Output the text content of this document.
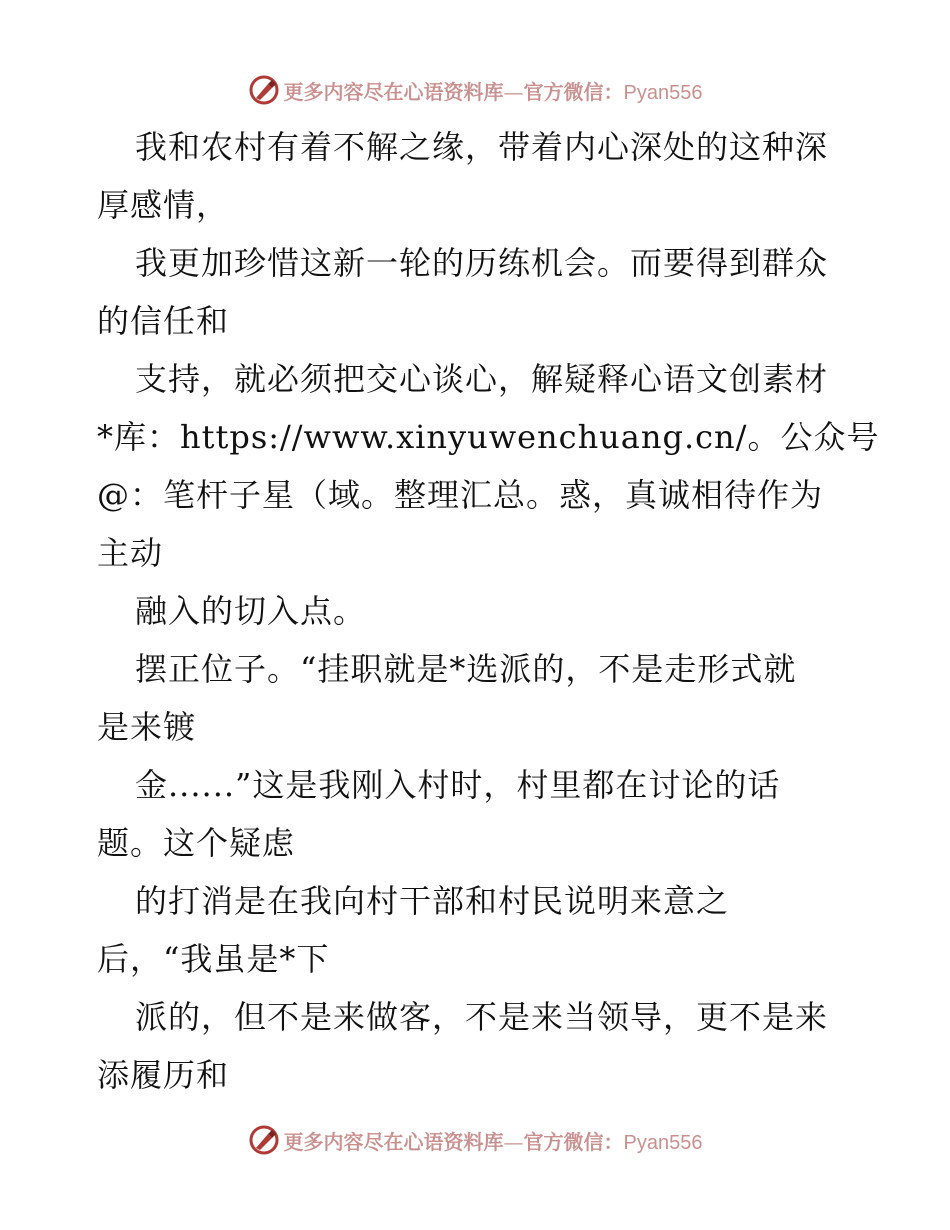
更多内容尽在心语资料库—官方微信：Pyan556
我和农村有着不解之缘，带着内心深处的这种深
厚感情，
我更加珍惜这新一轮的历练机会。而要得到群众
的信任和
支持，就必须把交心谈心，解疑释心语文创素材
*库：https://www.xinyuwenchuang.cn/。公众号
@：笔杆子星（域。整理汇总。惑，真诚相待作为
主动
融入的切入点。
摆正位子。“挂职就是*选派的，不是走形式就
是来镀
金......”这是我刚入村时，村里都在讨论的话
题。这个疑虑
的打消是在我向村干部和村民说明来意之
后，“我虽是*下
派的，但不是来做客，不是来当领导，更不是来
添履历和
更多内容尽在心语资料库—官方微信：Pyan556
